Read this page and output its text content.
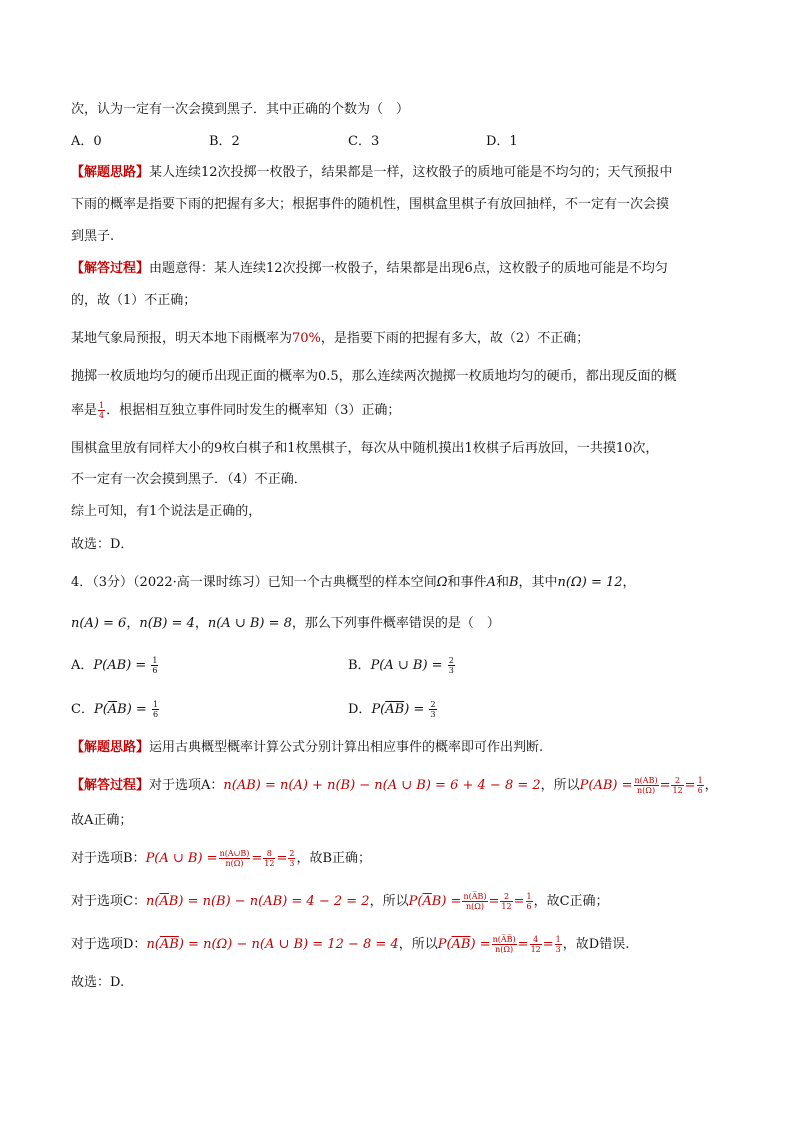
次，认为一定有一次会摸到黑子．其中正确的个数为（　）
A．0	B．2	C．3	D．1
【解题思路】某人连续12次投掷一枚骰子，结果都是一样，这枚骰子的质地可能是不均匀的；天气预报中
下雨的概率是指要下雨的把握有多大；根据事件的随机性，围棋盒里棋子有放回抽样，不一定有一次会摸
到黑子.
【解答过程】由题意得：某人连续12次投掷一枚骰子，结果都是出现6点，这枚骰子的质地可能是不均匀
的，故（1）不正确；
某地气象局预报，明天本地下雨概率为70%，是指要下雨的把握有多大，故（2）不正确；
抛掷一枚质地均匀的硬币出现正面的概率为0.5，那么连续两次抛掷一枚质地均匀的硬币，都出现反面的概
率是 $\frac{1}{4}$ ．根据相互独立事件同时发生的概率知（3）正确；
围棋盒里放有同样大小的9枚白棋子和1枚黑棋子，每次从中随机摸出1枚棋子后再放回，一共摸10次，
不一定有一次会摸到黑子．（4）不正确．
综上可知，有1个说法是正确的，
故选：D．
4．（3分）（2022·高一课时练习）已知一个古典概型的样本空间Ω和事件A和B，其中n(Ω) = 12，
n(A) = 6，n(B) = 4，n(A ∪ B) = 8，那么下列事件概率错误的是（　）
A．$P(AB) = \frac{1}{6}$	B．P(A ∪ $B) = \frac{2}{3}$
C．$P(\overline{A}B) = \frac{1}{6}$	D．$P(\overline{AB}) = \frac{2}{3}$
【解题思路】运用古典概型概率计算公式分别计算出相应事件的概率即可作出判断.
【解答过程】对于选项A：n(AB) = n(A) + n(B) − n(A ∪ B) = 6 + 4 − 8 = 2，所以$P(AB) = \frac{n(AB)}{n(\Omega)} = \frac{2}{12} = \frac{1}{6}$ ，
故A正确；
对于选项B：P(A ∪ $B) = \frac{n(A\cup B)}{n(\Omega)} = \frac{8}{12} = \frac{2}{3}$ ，故B正确；
对于选项C：$n(\overline{A}B) = n(B) - n(AB) = 4 - 2 = 2$，所以$P(\overline{A}B) = \frac{n(A̅B)}{n(\Omega)} = \frac{2}{12} = \frac{1}{6}$ ，故C正确；
对于选项D：$n(\overline{AB}) = n(\Omega) - n(A$ ∪ B) = 12 − 8 = 4，所以$P(\overline{AB}) = \frac{n(A̅B̅)}{n(\Omega)} = \frac{4}{12} = \frac{1}{3}$ ，故D错误.
故选：D.
